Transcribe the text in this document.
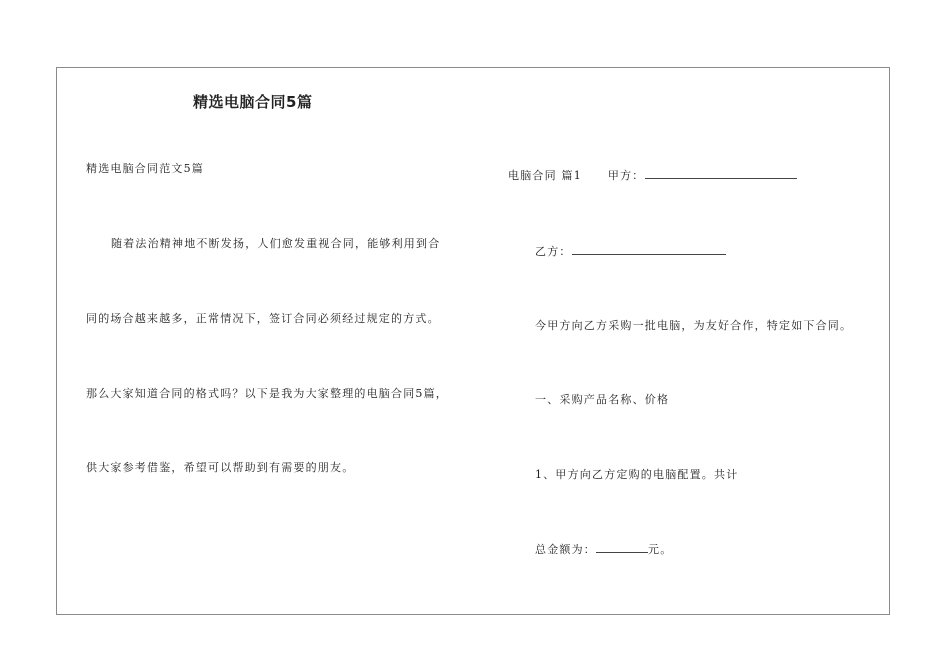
精选电脑合同5篇
精选电脑合同范文5篇
随着法治精神地不断发扬，人们愈发重视合同，能够利用到合
同的场合越来越多，正常情况下，签订合同必须经过规定的方式。
那么大家知道合同的格式吗？以下是我为大家整理的电脑合同5篇，
供大家参考借鉴，希望可以帮助到有需要的朋友。
电脑合同 篇1 甲方：
乙方：
今甲方向乙方采购一批电脑，为友好合作，特定如下合同。
一、采购产品名称、价格
1、甲方向乙方定购的电脑配置。共计
总金额为：	元。
